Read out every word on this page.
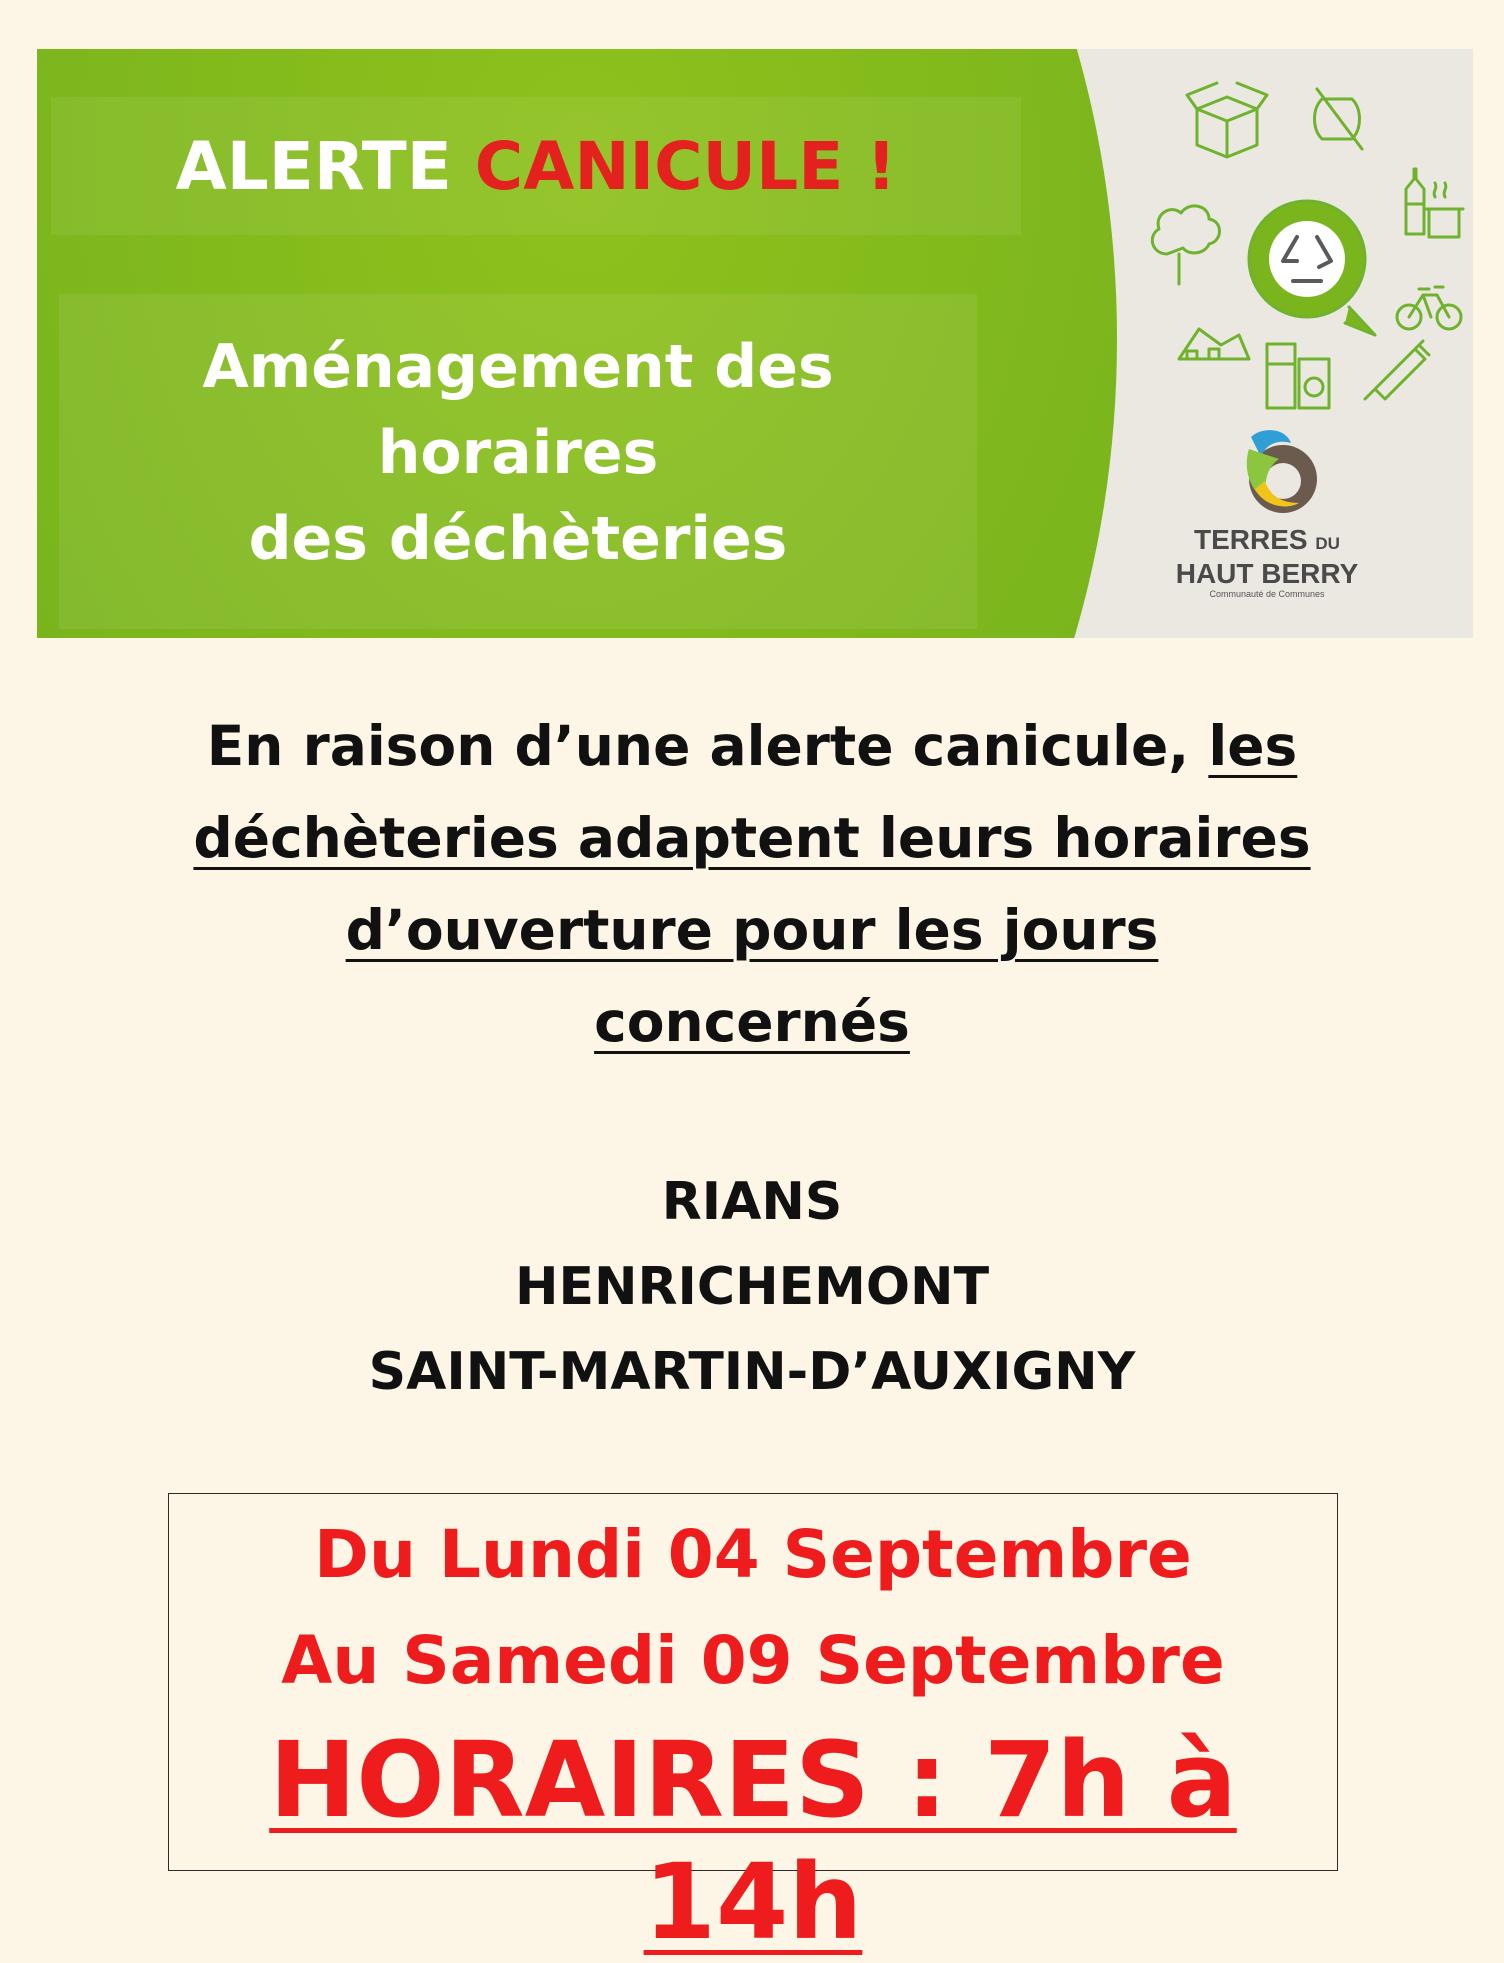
ALERTE
CANICULE !
Aménagement des horaires
des déchèteries	TERRES DU
HAUT BERRY
Communauté de Communes
En raison d’une alerte canicule, les
déchèteries adaptent leurs horaires
d’ouverture pour les jours
concernés
RIANS
HENRICHEMONT
SAINT-MARTIN-D’AUXIGNY
Du Lundi 04 Septembre
Au Samedi 09 Septembre
HORAIRES : 7h à 14h
